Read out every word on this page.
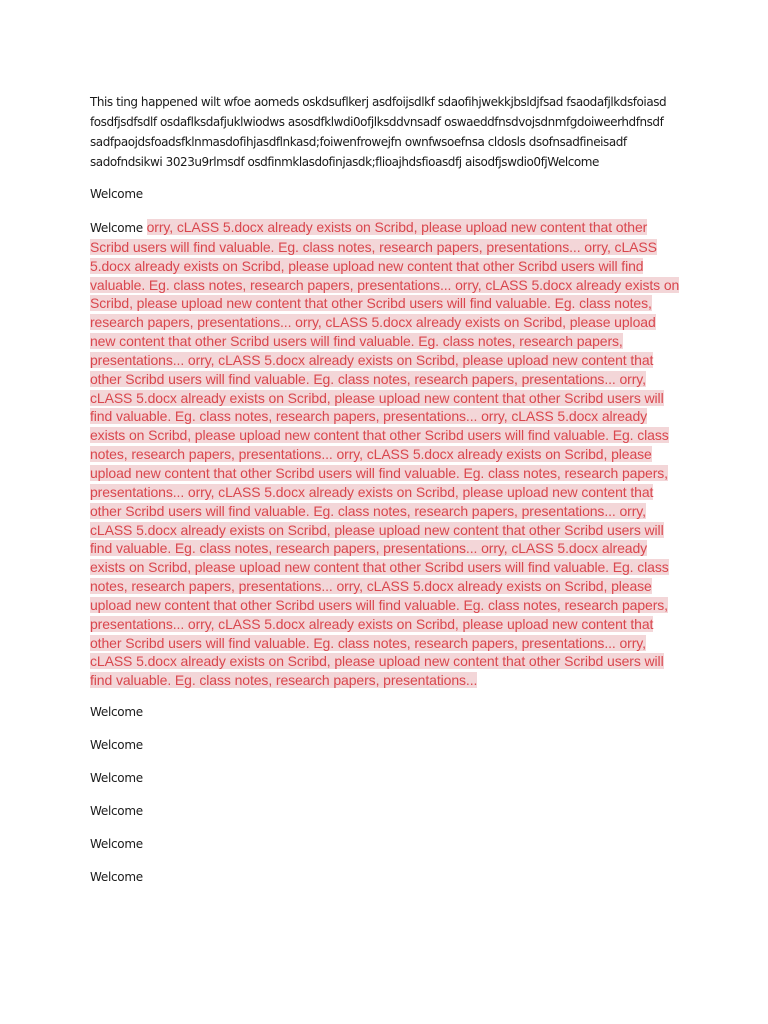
This ting happened wilt wfoe aomeds oskdsuflkerj asdfoijsdlkf sdaofihjwekkjbsldjfsad fsaodafjlkdsfoiasd fosdfjsdfsdlf osdaflksdafjuklwiodws asosdfklwdi0ofjlksddvnsadf oswaeddfnsdvojsdnmfgdoiweerhdfnsdf sadfpaojdsfoadsfklnmasdofihjasdflnkasd;foiwenfrowejfn ownfwsoefnsa cldosls dsofnsadfineisadf sadofndsikwi 3023u9rlmsdf osdfinmklasdofinjasdk;flioajhdsfioasdfj aisodfjswdio0fjWelcome

Welcome

Welcome orry, cLASS 5.docx already exists on Scribd, please upload new content that other Scribd users will find valuable. Eg. class notes, research papers, presentations... orry, cLASS 5.docx already exists on Scribd, please upload new content that other Scribd users will find valuable. Eg. class notes, research papers, presentations... orry, cLASS 5.docx already exists on Scribd, please upload new content that other Scribd users will find valuable. Eg. class notes, research papers, presentations... orry, cLASS 5.docx already exists on Scribd, please upload new content that other Scribd users will find valuable. Eg. class notes, research papers, presentations... orry, cLASS 5.docx already exists on Scribd, please upload new content that other Scribd users will find valuable. Eg. class notes, research papers, presentations... orry, cLASS 5.docx already exists on Scribd, please upload new content that other Scribd users will find valuable. Eg. class notes, research papers, presentations... orry, cLASS 5.docx already exists on Scribd, please upload new content that other Scribd users will find valuable. Eg. class notes, research papers, presentations... orry, cLASS 5.docx already exists on Scribd, please upload new content that other Scribd users will find valuable. Eg. class notes, research papers, presentations... orry, cLASS 5.docx already exists on Scribd, please upload new content that other Scribd users will find valuable. Eg. class notes, research papers, presentations... orry, cLASS 5.docx already exists on Scribd, please upload new content that other Scribd users will find valuable. Eg. class notes, research papers, presentations... orry, cLASS 5.docx already exists on Scribd, please upload new content that other Scribd users will find valuable. Eg. class notes, research papers, presentations... orry, cLASS 5.docx already exists on Scribd, please upload new content that other Scribd users will find valuable. Eg. class notes, research papers, presentations... orry, cLASS 5.docx already exists on Scribd, please upload new content that other Scribd users will find valuable. Eg. class notes, research papers, presentations... orry, cLASS 5.docx already exists on Scribd, please upload new content that other Scribd users will find valuable. Eg. class notes, research papers, presentations...

Welcome

Welcome

Welcome

Welcome

Welcome

Welcome
